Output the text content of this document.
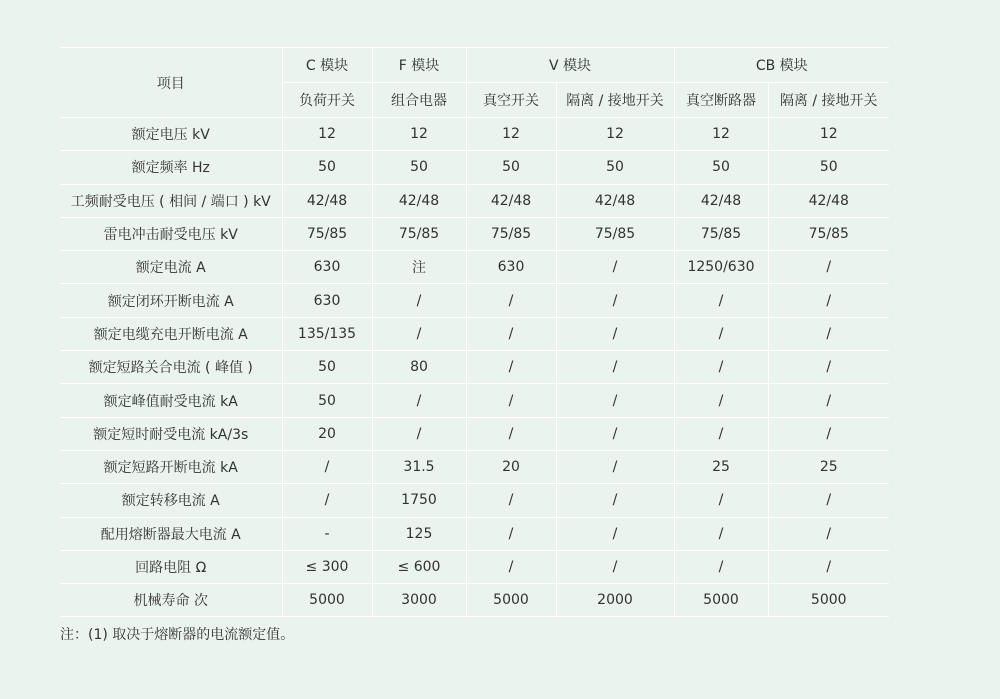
项目	C 模块	F 模块	V 模块		CB 模块	
	负荷开关	组合电器	真空开关	隔离 / 接地开关	真空断路器	隔离 / 接地开关
额定电压 kV	12	12	12	12	12	12
额定频率 Hz	50	50	50	50	50	50
工频耐受电压 ( 相间 / 端口 ) kV	42/48	42/48	42/48	42/48	42/48	42/48
雷电冲击耐受电压 kV	75/85	75/85	75/85	75/85	75/85	75/85
额定电流 A	630	注	630	/	1250/630	/
额定闭环开断电流 A	630	/	/	/	/	/
额定电缆充电开断电流 A	135/135	/	/	/	/	/
额定短路关合电流 ( 峰值 )	50	80	/	/	/	/
额定峰值耐受电流 kA	50	/	/	/	/	/
额定短时耐受电流 kA/3s	20	/	/	/	/	/
额定短路开断电流 kA	/	31.5	20	/	25	25
额定转移电流 A	/	1750	/	/	/	/
配用熔断器最大电流 A	-	125	/	/	/	/
回路电阻 Ω	≤ 300	≤ 600	/	/	/	/
机械寿命 次	5000	3000	5000	2000	5000	5000
注：(1) 取决于熔断器的电流额定值。
